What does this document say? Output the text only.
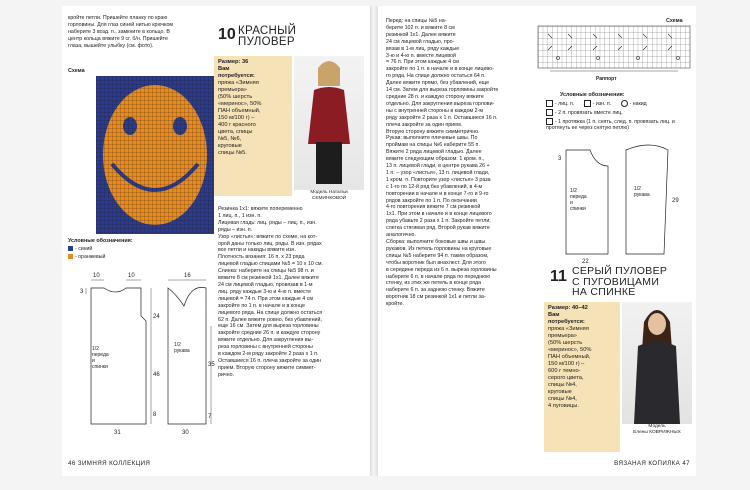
кройте петли. Пришейте планку по краю
горловины. Для глаз синей нитью крючком
наберите 3 возд. п., замкните в кольцо. В
центр кольца вяжите 9 сг. б/н. Пришейте
глаза, вышейте улыбку (см. фото).
Схема
Условные обозначения:
- синий
- оранжевый
10	10	16
3
24
46
8
31
35
7
30
1/2
переда
и
спинки
1/2
рукава
10 КРАСНЫЙ
ПУЛОВЕР
Размер: 36
Вам
потребуется:
пряжа «Зимняя
премьера»
(50% шерсть
«меринос», 50%
ПАН объемный,
150 м/100 г) –
400 г красного
цвета, спицы
№5, №6,
круговые
спицы №5.
Модель Натальи
СЕМИНКОВОЙ
Резинка 1х1: вяжите попеременно
1 лиц. п., 1 изн. п.
Лицевая гладь: лиц. ряды – лиц. п., изн.
ряды – изн. п.
Узор «листья»: вяжите по схеме, на кот-
орой даны только лиц. ряды. В изн. рядах
все петли и накиды вяжите изн.
Плотность вязания: 16 п. х 23 ряда
лицевой гладью спицами №5 = 10 х 10 см.
Спинка: наберите на спицы №5 98 п. и
вяжите 8 см резинкой 1х1. Далее вяжите
24 см лицевой гладью, провязав в 1-м
лиц. ряду каждые 3-ю и 4-ю п. вместе
лицевой = 74 п. При этом каждые 4 см
закройте по 1 п. в начале и в конце
лицевого ряда. На спице должно остаться
62 п. Далее вяжите ровно, без убавлений,
еще 16 см. Затем для выреза горловины
закройте средние 26 п. и каждую сторону
вяжите отдельно. Для закругления вы-
реза горловины с внутренней стороны
в каждом 2-м ряду закройте 2 раза х 1 п.
Оставшиеся 16 п. плеча закройте за один
прием. Вторую сторону вяжите симмет-
рично.
46 ЗИМНЯЯ КОЛЛЕКЦИЯ
Перед: на спицы №5 на-
берите 102 п. и вяжите 8 см
резинкой 1х1. Далее вяжите
24 см лицевой гладью, про-
вязав в 1-м лиц. ряду каждые
3-ю и 4-ю п. вместе лицевой
= 76 п. При этом каждые 4 см
закройте по 1 п. в начале и в конце лицево-
го ряда. На спице должно остаться 64 п.
Далее вяжите прямо, без убавлений, еще
14 см. Затем для выреза горловины закройте
средние 28 п. и каждую сторону вяжите
отдельно. Для закругления выреза горлови-
ны с внутренней стороны в каждом 2-м
ряду закройте 2 раза х 1 п. Оставшиеся 16 п.
плеча закройте за один прием.
Вторую сторону вяжите симметрично.
Рукав: выполните плечевые швы. По
проймам на спицы №6 наберите 55 п.
Вяжите 2 ряда лицевой гладью. Далее
вяжите следующим образом: 1 кром. п.,
13 п. лицевой глади, в центре рукава 26 +
1 п. – узор «листья», 13 п. лицевой глади,
1 кром. п. Повторите узор «листья» 3 раза
с 1-го по 12-й ряд без убавлений, в 4-м
повторении в начале и в конце 7-го и 9-го
рядов закройте по 1 п. По окончании
4-го повторения вяжите 7 см резинкой
1х1. При этом в начале и в конце лицевого
ряда убавьте 2 раза х 1 п. Закройте петли,
слегка стягивая ряд. Второй рукав вяжите
аналогично.
Сборка: выполните боковые швы и швы
рукавов. Из петель горловины на круговые
спицы №5 наберите 94 п. таким образом,
чтобы воротник был внахлест. Для этого
в середине переда из 6 п. выреза горловины
наберите 6 п. в начале ряда по переднюю
стенку, из этих же петель в конце ряда
наберите 6 п. за заднюю стенку. Вяжите
воротник 18 см резинкой 1х1 и петли за-
кройте.
Схема
Раппорт
Условные обозначения:
- лиц. п.	- изн. п.	- накид
- 2 п. провязать вместе лиц.
- 1 протяжка (1 п. снять, след. п. провязать лиц. и протянуть ее через снятую петлю)
3
29
22
1/2
переда
и
спинки
1/2
рукава
11 СЕРЫЙ ПУЛОВЕР
С ПУГОВИЦАМИ
НА СПИНКЕ
Размер: 40–42
Вам
потребуется:
пряжа «Зимняя
премьера»
(50% шерсть
«меринос», 50%
ПАН объемный,
150 м/100 г) –
600 г темно-
серого цвета,
спицы №4,
круговые
спицы №4,
4 пуговицы.
Модель
Елены КОВРИЖНЫХ
ВЯЗАНАЯ КОПИЛКА 47
